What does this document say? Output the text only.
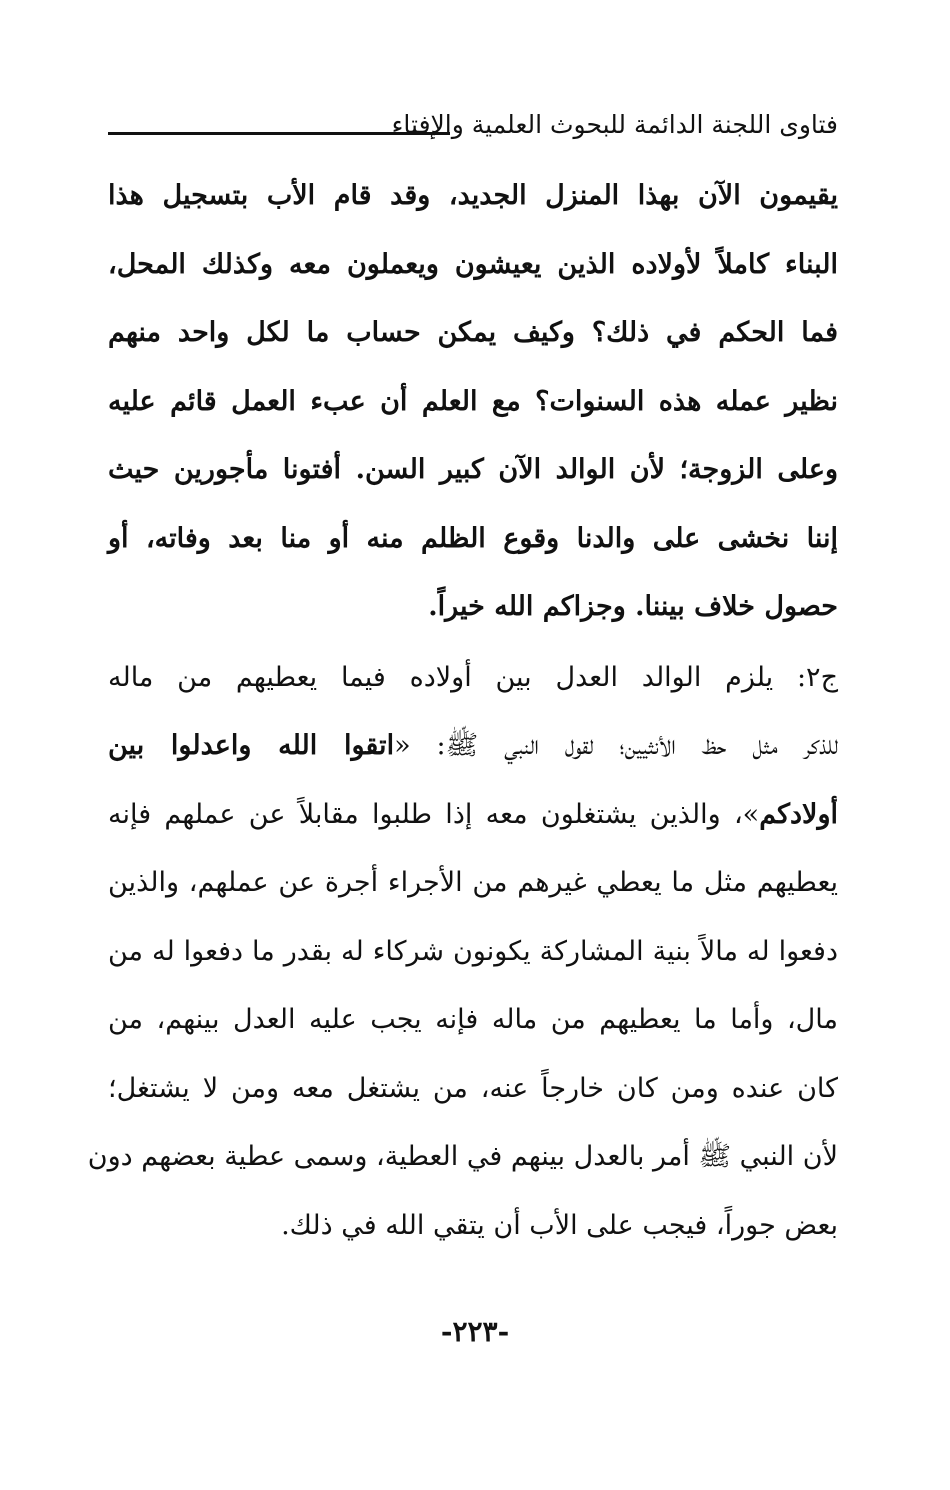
فتاوى اللجنة الدائمة للبحوث العلمية والإفتاء
يقيمون الآن بهذا المنزل الجديد، وقد قام الأب بتسجيل هذا
البناء كاملاً لأولاده الذين يعيشون ويعملون معه وكذلك المحل،
فما الحكم في ذلك؟ وكيف يمكن حساب ما لكل واحد منهم
نظير عمله هذه السنوات؟ مع العلم أن عبء العمل قائم عليه
وعلى الزوجة؛ لأن الوالد الآن كبير السن. أفتونا مأجورين حيث
إننا نخشى على والدنا وقوع الظلم منه أو منا بعد وفاته، أو
حصول خلاف بيننا. وجزاكم الله خيراً.
ج٢: يلزم الوالد العدل بين أولاده فيما يعطيهم من ماله
للذكر مثل حظ الأنثيين؛ لقول النبي ﷺ: «اتقوا الله واعدلوا بين
أولادكم»، والذين يشتغلون معه إذا طلبوا مقابلاً عن عملهم فإنه
يعطيهم مثل ما يعطي غيرهم من الأجراء أجرة عن عملهم، والذين
دفعوا له مالاً بنية المشاركة يكونون شركاء له بقدر ما دفعوا له من
مال، وأما ما يعطيهم من ماله فإنه يجب عليه العدل بينهم، من
كان عنده ومن كان خارجاً عنه، من يشتغل معه ومن لا يشتغل؛
لأن النبي ﷺ أمر بالعدل بينهم في العطية، وسمى عطية بعضهم دون
بعض جوراً، فيجب على الأب أن يتقي الله في ذلك.
-٢٢٣-
